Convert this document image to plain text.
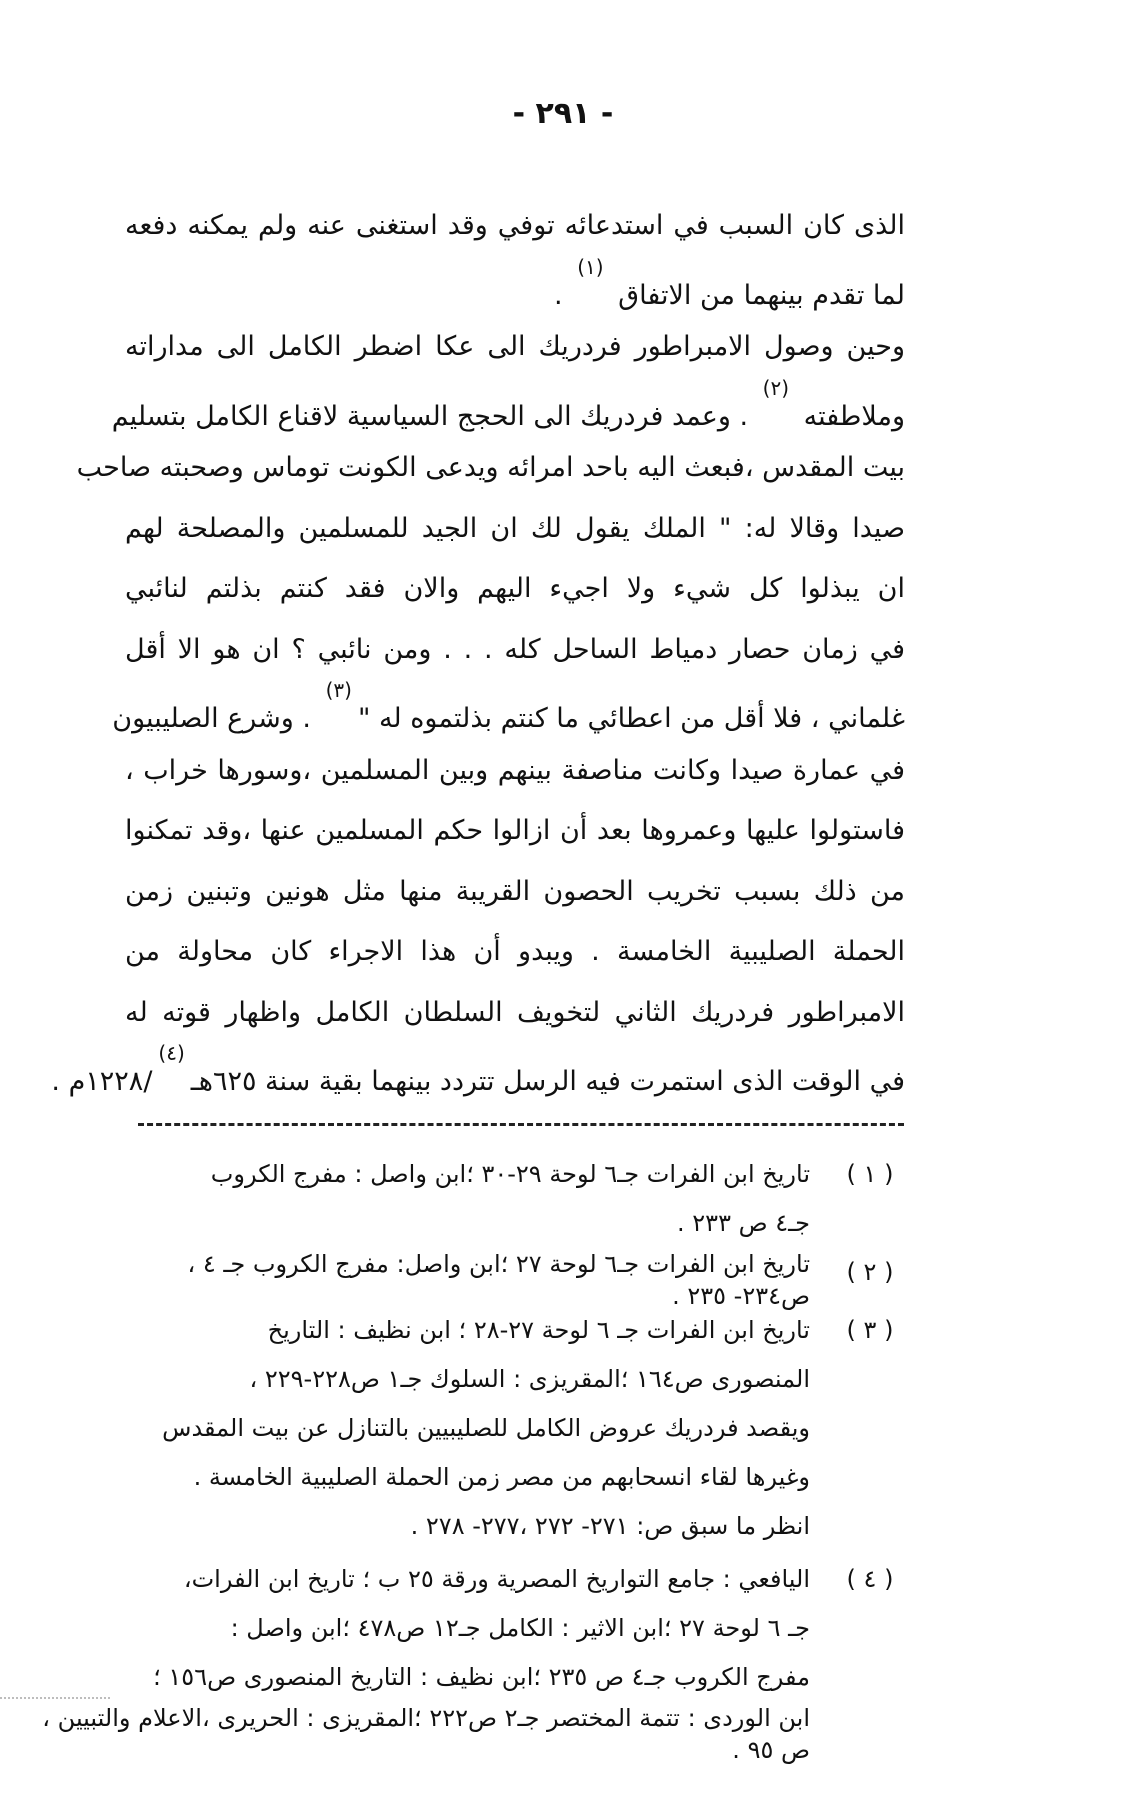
- ٢٩١ -
الذى كان السبب في استدعائه توفي وقد استغنى عنه ولم يمكنه دفعه
لما تقدم بينهما من الاتفاق (١) .
وحين وصول الامبراطور فردريك الى عكا اضطر الكامل الى مداراته
وملاطفته (٢) . وعمد فردريك الى الحجج السياسية لاقناع الكامل بتسليم
بيت المقدس ،فبعث اليه باحد امرائه ويدعى الكونت توماس وصحبته صاحب
صيدا وقالا له: " الملك يقول لك ان الجيد للمسلمين والمصلحة لهم
ان يبذلوا كل شيء ولا اجيء اليهم والان فقد كنتم بذلتم لنائبي
في زمان حصار دمياط الساحل كله . . . ومن نائبي ؟ ان هو الا أقل
غلماني ، فلا أقل من اعطائي ما كنتم بذلتموه له "(٣) . وشرع الصليبيون
في عمارة صيدا وكانت مناصفة بينهم وبين المسلمين ،وسورها خراب ،
فاستولوا عليها وعمروها بعد أن ازالوا حكم المسلمين عنها ،وقد تمكنوا
من ذلك بسبب تخريب الحصون القريبة منها مثل هونين وتبنين زمن
الحملة الصليبية الخامسة . ويبدو أن هذا الاجراء كان محاولة من
الامبراطور فردريك الثاني لتخويف السلطان الكامل واظهار قوته له
في الوقت الذى استمرت فيه الرسل تتردد بينهما بقية سنة ٦٢٥هـ(٤)/١٢٢٨م .
( ١ )
تاريخ ابن الفرات جـ٦ لوحة ٢٩-٣٠ ؛ابن واصل : مفرج الكروب
جـ٤ ص ٢٣٣ .
( ٢ )
تاريخ ابن الفرات جـ٦ لوحة ٢٧ ؛ابن واصل: مفرج الكروب جـ ٤ ،
ص٢٣٤- ٢٣٥ .
( ٣ )
تاريخ ابن الفرات جـ ٦ لوحة ٢٧-٢٨ ؛ ابن نظيف : التاريخ
المنصورى ص١٦٤ ؛المقريزى : السلوك جـ١ ص٢٢٨-٢٢٩ ،
ويقصد فردريك عروض الكامل للصليبيين بالتنازل عن بيت المقدس
وغيرها لقاء انسحابهم من مصر زمن الحملة الصليبية الخامسة .
انظر ما سبق ص: ٢٧١- ٢٧٢ ،٢٧٧- ٢٧٨ .
( ٤ )
اليافعي : جامع التواريخ المصرية ورقة ٢٥ ب ؛ تاريخ ابن الفرات،
جـ ٦ لوحة ٢٧ ؛ابن الاثير : الكامل جـ١٢ ص٤٧٨ ؛ابن واصل :
مفرج الكروب جـ٤ ص ٢٣٥ ؛ابن نظيف : التاريخ المنصورى ص١٥٦ ؛
ابن الوردى : تتمة المختصر جـ٢ ص٢٢٢ ؛المقريزى : الحريرى ،الاعلام والتبيين ،
ص ٩٥ .
